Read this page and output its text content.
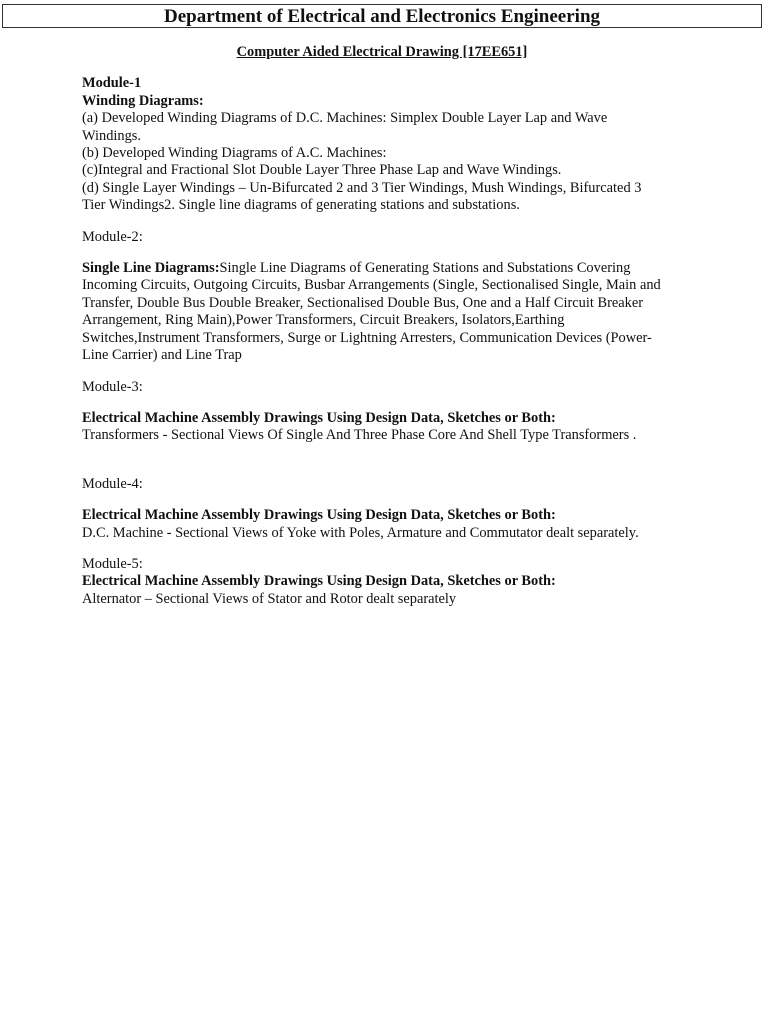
Department of Electrical and Electronics Engineering
Computer Aided Electrical Drawing [17EE651]
Module-1
Winding Diagrams:
(a) Developed Winding Diagrams of D.C. Machines: Simplex Double Layer Lap and Wave
Windings.
(b) Developed Winding Diagrams of A.C. Machines:
(c)Integral and Fractional Slot Double Layer Three Phase Lap and Wave Windings.
(d) Single Layer Windings – Un-Bifurcated 2 and 3 Tier Windings, Mush Windings, Bifurcated 3
Tier Windings2. Single line diagrams of generating stations and substations.
Module-2:
Single Line Diagrams:Single Line Diagrams of Generating Stations and Substations Covering
Incoming Circuits, Outgoing Circuits, Busbar Arrangements (Single, Sectionalised Single, Main and
Transfer, Double Bus Double Breaker, Sectionalised Double Bus, One and a Half Circuit Breaker
Arrangement, Ring Main),Power Transformers, Circuit Breakers, Isolators,Earthing
Switches,Instrument Transformers, Surge or Lightning Arresters, Communication Devices (Power-
Line Carrier) and Line Trap
Module-3:
Electrical Machine Assembly Drawings Using Design Data, Sketches or Both:
Transformers - Sectional Views Of Single And Three Phase Core And Shell Type Transformers .
Module-4:
Electrical Machine Assembly Drawings Using Design Data, Sketches or Both:
D.C. Machine - Sectional Views of Yoke with Poles, Armature and Commutator dealt separately.
Module-5:
Electrical Machine Assembly Drawings Using Design Data, Sketches or Both:
Alternator – Sectional Views of Stator and Rotor dealt separately
